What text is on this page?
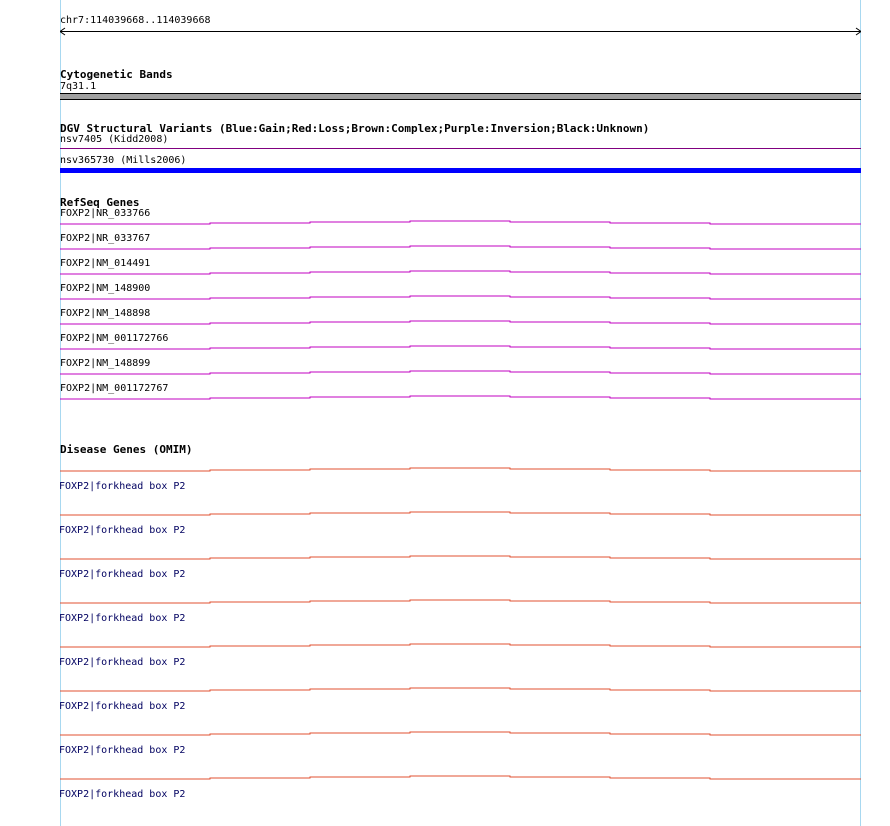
chr7:114039668..114039668
Cytogenetic Bands
7q31.1
DGV Structural Variants (Blue:Gain;Red:Loss;Brown:Complex;Purple:Inversion;Black:Unknown)
nsv7405 (Kidd2008)
nsv365730 (Mills2006)
RefSeq Genes
FOXP2|NR_033766
FOXP2|NR_033767
FOXP2|NM_014491
FOXP2|NM_148900
FOXP2|NM_148898
FOXP2|NM_001172766
FOXP2|NM_148899
FOXP2|NM_001172767
Disease Genes (OMIM)
FOXP2|forkhead box P2
FOXP2|forkhead box P2
FOXP2|forkhead box P2
FOXP2|forkhead box P2
FOXP2|forkhead box P2
FOXP2|forkhead box P2
FOXP2|forkhead box P2
FOXP2|forkhead box P2
